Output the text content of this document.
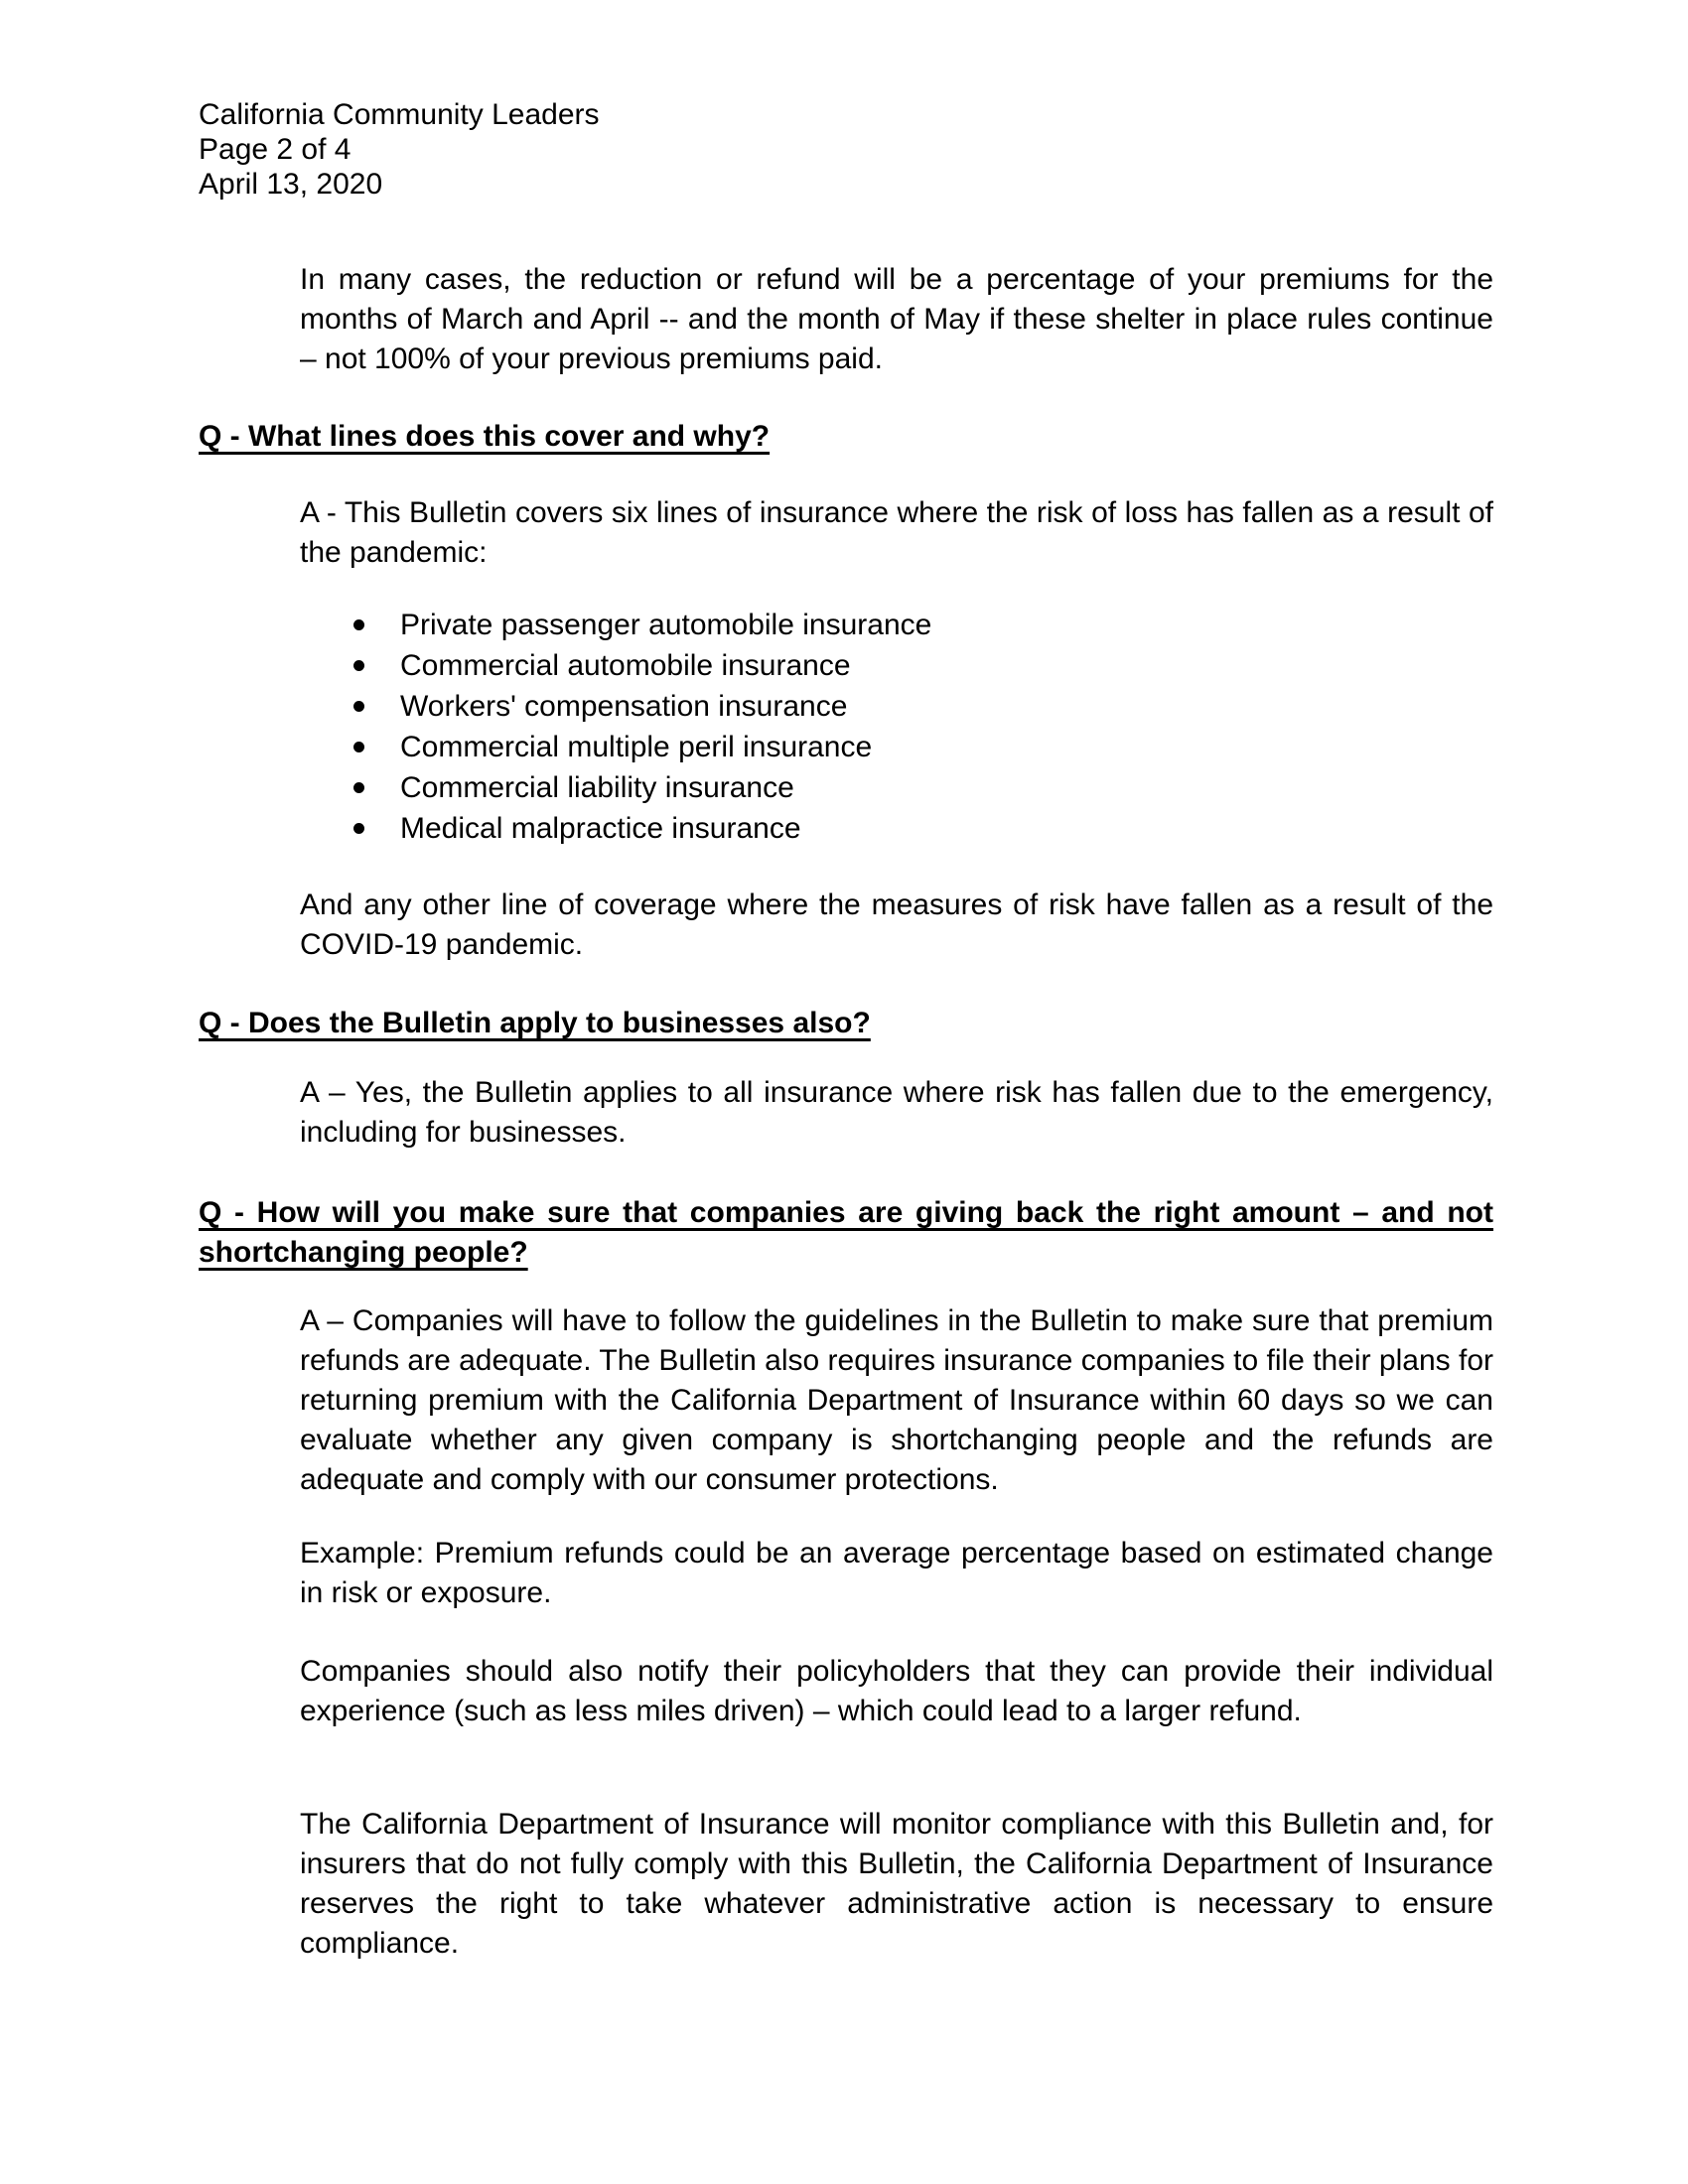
California Community Leaders
Page 2 of 4
April 13, 2020
In many cases, the reduction or refund will be a percentage of your premiums for the months of March and April -- and the month of May if these shelter in place rules continue – not 100% of your previous premiums paid.
Q - What lines does this cover and why?
A - This Bulletin covers six lines of insurance where the risk of loss has fallen as a result of the pandemic:
Private passenger automobile insurance
Commercial automobile insurance
Workers' compensation insurance
Commercial multiple peril insurance
Commercial liability insurance
Medical malpractice insurance
And any other line of coverage where the measures of risk have fallen as a result of the COVID-19 pandemic.
Q - Does the Bulletin apply to businesses also?
A – Yes, the Bulletin applies to all insurance where risk has fallen due to the emergency, including for businesses.
Q - How will you make sure that companies are giving back the right amount – and not shortchanging people?
A – Companies will have to follow the guidelines in the Bulletin to make sure that premium refunds are adequate. The Bulletin also requires insurance companies to file their plans for returning premium with the California Department of Insurance within 60 days so we can evaluate whether any given company is shortchanging people and the refunds are adequate and comply with our consumer protections.
Example: Premium refunds could be an average percentage based on estimated change in risk or exposure.
Companies should also notify their policyholders that they can provide their individual experience (such as less miles driven) – which could lead to a larger refund.
The California Department of Insurance will monitor compliance with this Bulletin and, for insurers that do not fully comply with this Bulletin, the California Department of Insurance reserves the right to take whatever administrative action is necessary to ensure compliance.
